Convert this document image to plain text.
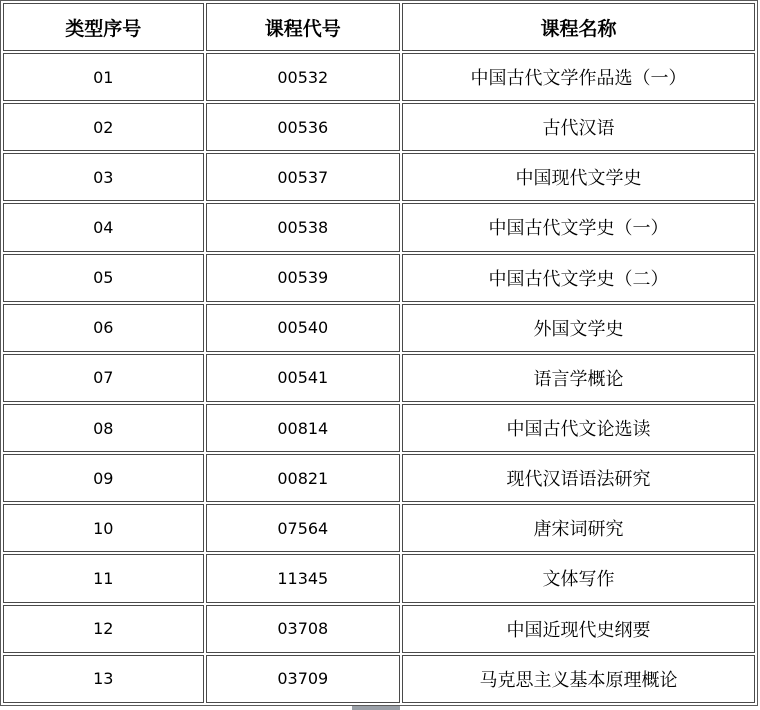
类型序号	课程代号	课程名称
01	00532	中国古代文学作品选（一）
02	00536	古代汉语
03	00537	中国现代文学史
04	00538	中国古代文学史（一）
05	00539	中国古代文学史（二）
06	00540	外国文学史
07	00541	语言学概论
08	00814	中国古代文论选读
09	00821	现代汉语语法研究
10	07564	唐宋词研究
11	11345	文体写作
12	03708	中国近现代史纲要
13	03709	马克思主义基本原理概论
